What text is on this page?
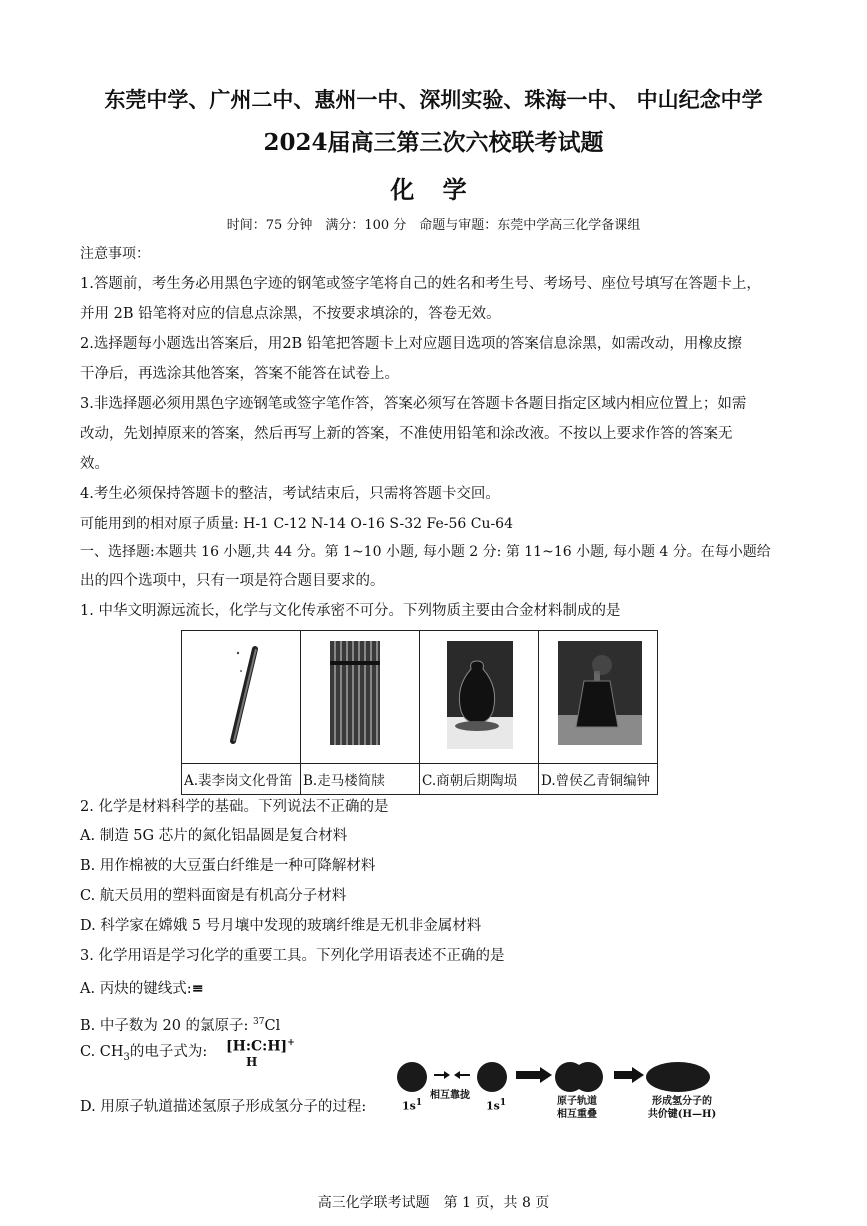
东莞中学、广州二中、惠州一中、深圳实验、珠海一中、 中山纪念中学
2024届高三第三次六校联考试题
化 学
时间：75 分钟　满分：100 分　命题与审题：东莞中学高三化学备课组
注意事项：
1.答题前，考生务必用黑色字迹的钢笔或签字笔将自己的姓名和考生号、考场号、座位号填写在答题卡上，
并用 2B 铅笔将对应的信息点涂黑，不按要求填涂的，答卷无效。
2.选择题每小题选出答案后，用2B 铅笔把答题卡上对应题目选项的答案信息涂黑，如需改动，用橡皮擦
干净后，再选涂其他答案，答案不能答在试卷上。
3.非选择题必须用黑色字迹钢笔或签字笔作答，答案必须写在答题卡各题目指定区域内相应位置上；如需
改动，先划掉原来的答案，然后再写上新的答案，不准使用铅笔和涂改液。不按以上要求作答的答案无
效。
4.考生必须保持答题卡的整洁，考试结束后，只需将答题卡交回。
可能用到的相对原子质量: H-1 C-12 N-14 O-16 S-32 Fe-56 Cu-64
一、选择题:本题共 16 小题,共 44 分。第 1~10 小题, 每小题 2 分: 第 11~16 小题, 每小题 4 分。在每小题给
出的四个选项中，只有一项是符合题目要求的。
1. 中华文明源远流长，化学与文化传承密不可分。下列物质主要由合金材料制成的是

A.裴李岗文化骨笛	B.走马楼简牍	C.商朝后期陶埙	D.曾侯乙青铜编钟
2. 化学是材料科学的基础。下列说法不正确的是
A. 制造 5G 芯片的氮化铝晶圆是复合材料
B. 用作棉被的大豆蛋白纤维是一种可降解材料
C. 航天员用的塑料面窗是有机高分子材料
D. 科学家在嫦娥 5 号月壤中发现的玻璃纤维是无机非金属材料
3. 化学用语是学习化学的重要工具。下列化学用语表述不正确的是
A. 丙炔的键线式:≡
B. 中子数为 20 的氯原子: $^{37}$Cl
C. $CH_3$的电子式为:	[H:C:H]+
H
D. 用原子轨道描述氢原子形成氢分子的过程:	$1s^1$
相互靠拢
$1s^1$	原子轨道
相互重叠
形成氢分子的
共价键(H—H)
高三化学联考试题　第 1 页，共 8 页
